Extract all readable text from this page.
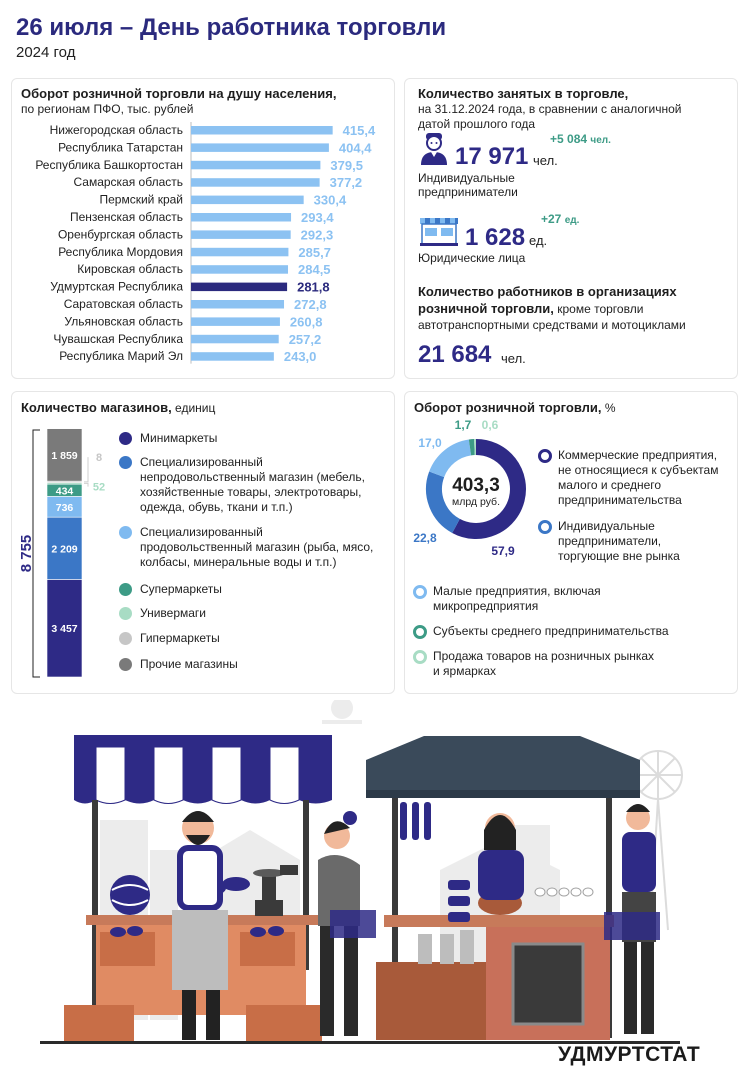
26 июля – День работника торговли
2024 год
Нижегородская область	415,4
Республика Татарстан	404,4
Республика Башкортостан	379,5
Самарская область	377,2
Пермский край	330,4
Пензенская область	293,4
Оренбургская область	292,3
Республика Мордовия	285,7
Кировская область	284,5
Удмуртская Республика	281,8
Саратовская область	272,8
Ульяновская область	260,8
Чувашская Республика	257,2
Республика Марий Эл	243,0
Оборот розничной торговли на душу населения,
по регионам ПФО, тыс. рублей
Количество занятых в торговле,
на 31.12.2024 года, в сравнении с аналогичной
датой прошлого года
17 971 чел.
+5 084 чел.
Индивидуальные
предприниматели
1 628 ед.
+27 ед.
Юридические лица
Количество работников в организациях
розничной торговли, кроме торговли
автотранспортными средствами и мотоциклами
21 684 чел.
Количество магазинов, единиц
8 755
3 457
2 209
736
434 52
8
1 859
Минимаркеты
Специализированный
непродовольственный магазин (мебель,
хозяйственные товары, электротовары,
одежда, обувь, ткани и т.п.)
Специализированный
продовольственный магазин (рыба, мясо,
колбасы, минеральные воды и т.п.)
Супермаркеты
Универмаги
Гипермаркеты
Прочие магазины
Оборот розничной торговли, %
403,3
млрд руб.
57,9
22,8
17,0
1,7 0,6
Коммерческие предприятия,
не относящиеся к субъектам
малого и среднего
предпринимательства
Индивидуальные
предприниматели,
торгующие вне рынка
Малые предприятия, включая
микропредприятия
Субъекты среднего предпринимательства
Продажа товаров на розничных рынках
и ярмарках
УДМУРТСТАТ
